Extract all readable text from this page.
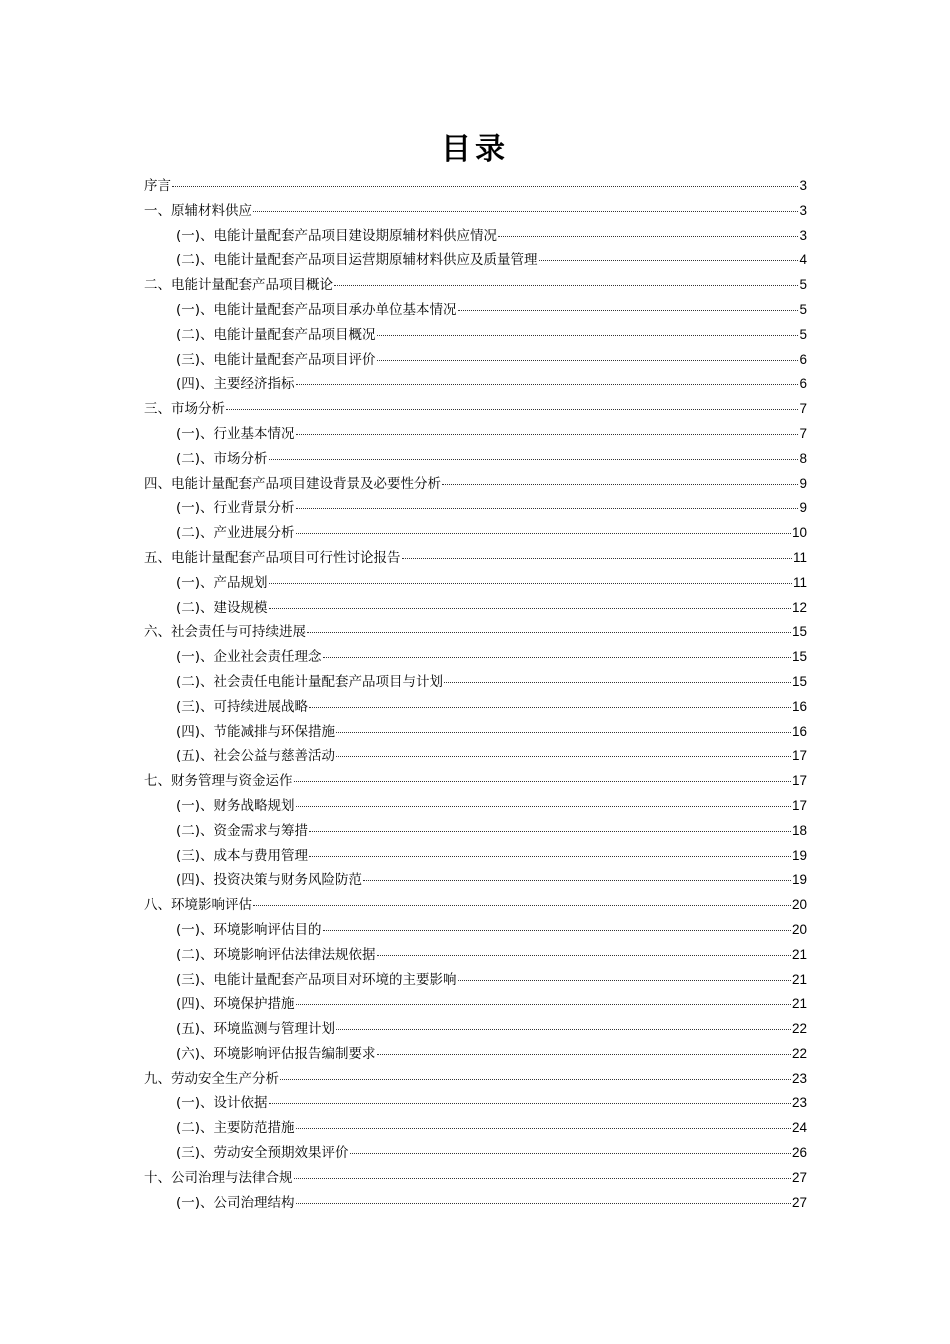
目录
序言	3
一、原辅材料供应	3
(一)、电能计量配套产品项目建设期原辅材料供应情况	3
(二)、电能计量配套产品项目运营期原辅材料供应及质量管理	4
二、电能计量配套产品项目概论	5
(一)、电能计量配套产品项目承办单位基本情况	5
(二)、电能计量配套产品项目概况	5
(三)、电能计量配套产品项目评价	6
(四)、主要经济指标	6
三、市场分析	7
(一)、行业基本情况	7
(二)、市场分析	8
四、电能计量配套产品项目建设背景及必要性分析	9
(一)、行业背景分析	9
(二)、产业进展分析	10
五、电能计量配套产品项目可行性讨论报告	11
(一)、产品规划	11
(二)、建设规模	12
六、社会责任与可持续进展	15
(一)、企业社会责任理念	15
(二)、社会责任电能计量配套产品项目与计划	15
(三)、可持续进展战略	16
(四)、节能减排与环保措施	16
(五)、社会公益与慈善活动	17
七、财务管理与资金运作	17
(一)、财务战略规划	17
(二)、资金需求与筹措	18
(三)、成本与费用管理	19
(四)、投资决策与财务风险防范	19
八、环境影响评估	20
(一)、环境影响评估目的	20
(二)、环境影响评估法律法规依据	21
(三)、电能计量配套产品项目对环境的主要影响	21
(四)、环境保护措施	21
(五)、环境监测与管理计划	22
(六)、环境影响评估报告编制要求	22
九、劳动安全生产分析	23
(一)、设计依据	23
(二)、主要防范措施	24
(三)、劳动安全预期效果评价	26
十、公司治理与法律合规	27
(一)、公司治理结构	27
